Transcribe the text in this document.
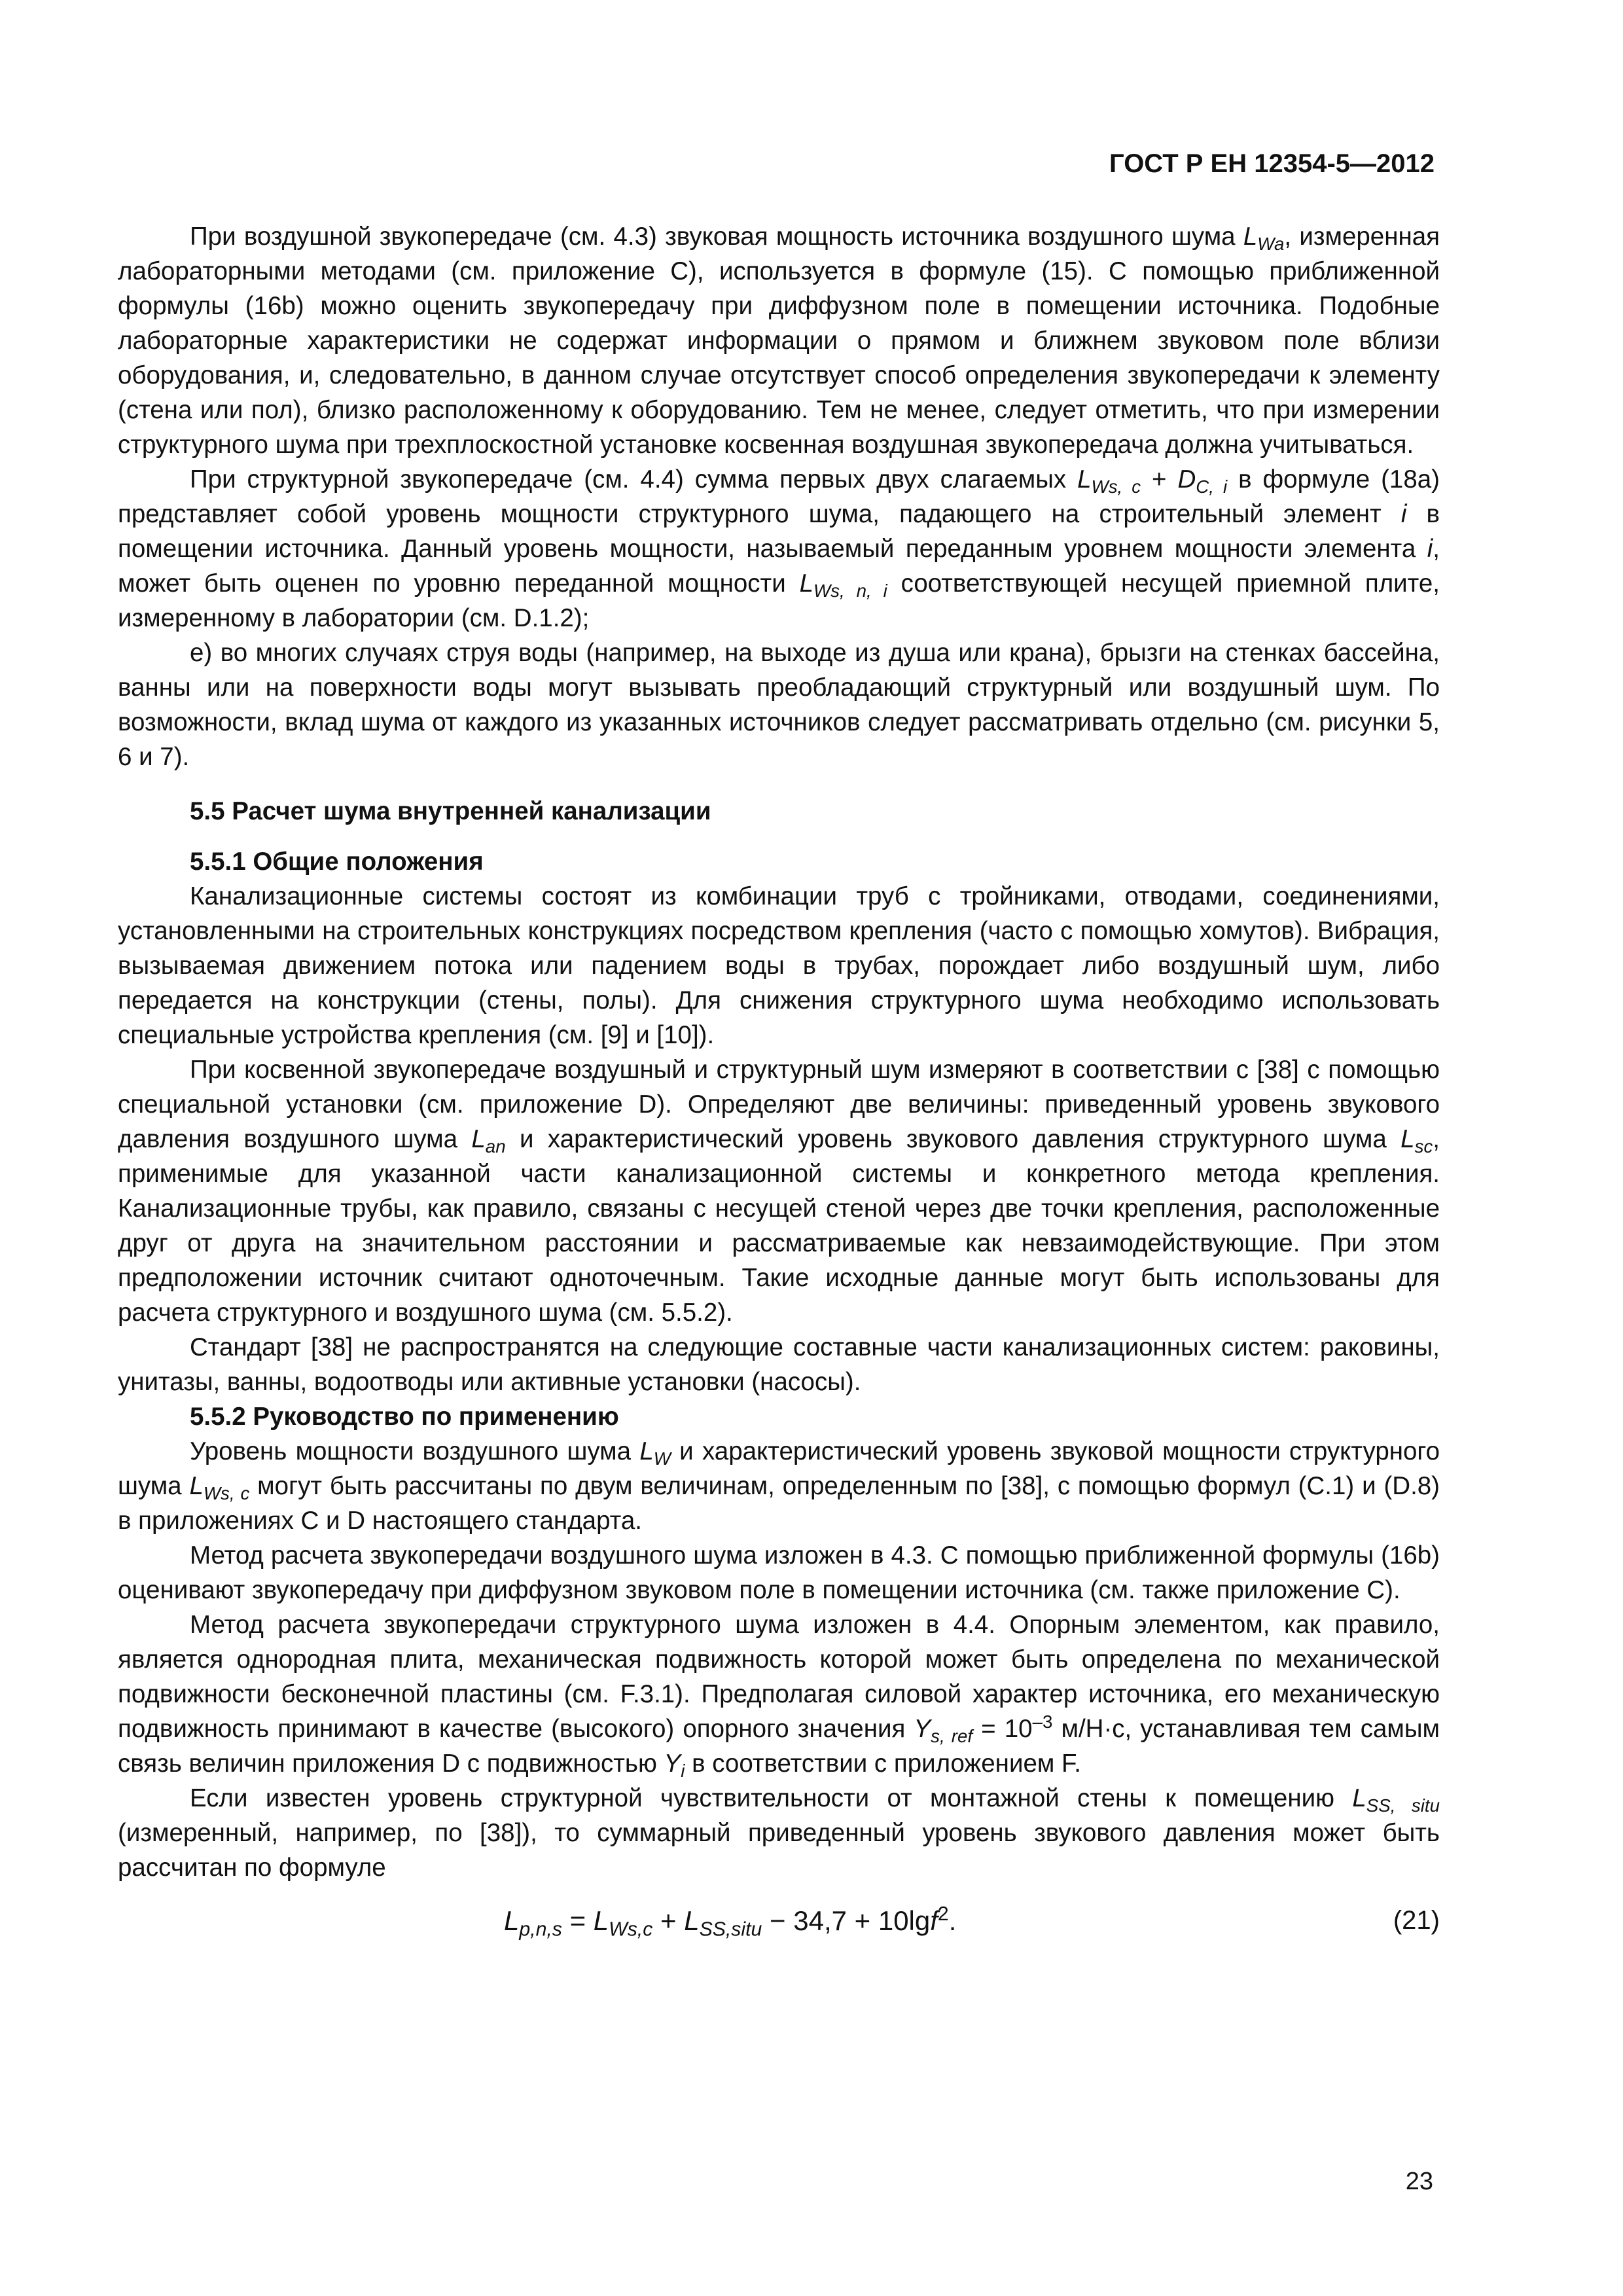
ГОСТ Р ЕН 12354-5—2012

При воздушной звукопередаче (см. 4.3) звуковая мощность источника воздушного шума $L_{Wa}$, измеренная лабораторными методами (см. приложение С), используется в формуле (15). С помощью приближенной формулы (16b) можно оценить звукопередачу при диффузном поле в помещении источника. Подобные лабораторные характеристики не содержат информации о прямом и ближнем звуковом поле вблизи оборудования, и, следовательно, в данном случае отсутствует способ определения звукопередачи к элементу (стена или пол), близко расположенному к оборудованию. Тем не менее, следует отметить, что при измерении структурного шума при трехплоскостной установке косвенная воздушная звукопередача должна учитываться.

При структурной звукопередаче (см. 4.4) сумма первых двух слагаемых $L_{Ws, c} + D_{C, i}$ в формуле (18а) представляет собой уровень мощности структурного шума, падающего на строительный элемент i в помещении источника. Данный уровень мощности, называемый переданным уровнем мощности элемента i, может быть оценен по уровню переданной мощности $L_{Ws, n, i}$ соответствующей несущей приемной плите, измеренному в лаборатории (см. D.1.2);

е) во многих случаях струя воды (например, на выходе из душа или крана), брызги на стенках бассейна, ванны или на поверхности воды могут вызывать преобладающий структурный или воздушный шум. По возможности, вклад шума от каждого из указанных источников следует рассматривать отдельно (см. рисунки 5, 6 и 7).

5.5 Расчет шума внутренней канализации
5.5.1 Общие положения

Канализационные системы состоят из комбинации труб с тройниками, отводами, соединениями, установленными на строительных конструкциях посредством крепления (часто с помощью хомутов). Вибрация, вызываемая движением потока или падением воды в трубах, порождает либо воздушный шум, либо передается на конструкции (стены, полы). Для снижения структурного шума необходимо использовать специальные устройства крепления (см. [9] и [10]).

При косвенной звукопередаче воздушный и структурный шум измеряют в соответствии с [38] с помощью специальной установки (см. приложение D). Определяют две величины: приведенный уровень звукового давления воздушного шума $L_{an}$ и характеристический уровень звукового давления структурного шума $L_{sc}$, применимые для указанной части канализационной системы и конкретного метода крепления. Канализационные трубы, как правило, связаны с несущей стеной через две точки крепления, расположенные друг от друга на значительном расстоянии и рассматриваемые как невзаимодействующие. При этом предположении источник считают одноточечным. Такие исходные данные могут быть использованы для расчета структурного и воздушного шума (см. 5.5.2).

Стандарт [38] не распространятся на следующие составные части канализационных систем: раковины, унитазы, ванны, водоотводы или активные установки (насосы).

5.5.2 Руководство по применению

Уровень мощности воздушного шума $L_W$ и характеристический уровень звуковой мощности структурного шума $L_{Ws, c}$ могут быть рассчитаны по двум величинам, определенным по [38], с помощью формул (С.1) и (D.8) в приложениях С и D настоящего стандарта.

Метод расчета звукопередачи воздушного шума изложен в 4.3. С помощью приближенной формулы (16b) оценивают звукопередачу при диффузном звуковом поле в помещении источника (см. также приложение С).

Метод расчета звукопередачи структурного шума изложен в 4.4. Опорным элементом, как правило, является однородная плита, механическая подвижность которой может быть определена по механической подвижности бесконечной пластины (см. F.3.1). Предполагая силовой характер источника, его механическую подвижность принимают в качестве (высокого) опорного значения $Y_{s, ref} = 10^{-3}$ м/Н·с, устанавливая тем самым связь величин приложения D с подвижностью $Y_i$ в соответствии с приложением F.

Если известен уровень структурной чувствительности от монтажной стены к помещению $L_{SS, situ}$ (измеренный, например, по [38]), то суммарный приведенный уровень звукового давления может быть рассчитан по формуле

$L_{p,n,s} = L_{Ws,c} + L_{SS,situ} - 34,7 + 10\lg f^2$.	(21)
23
